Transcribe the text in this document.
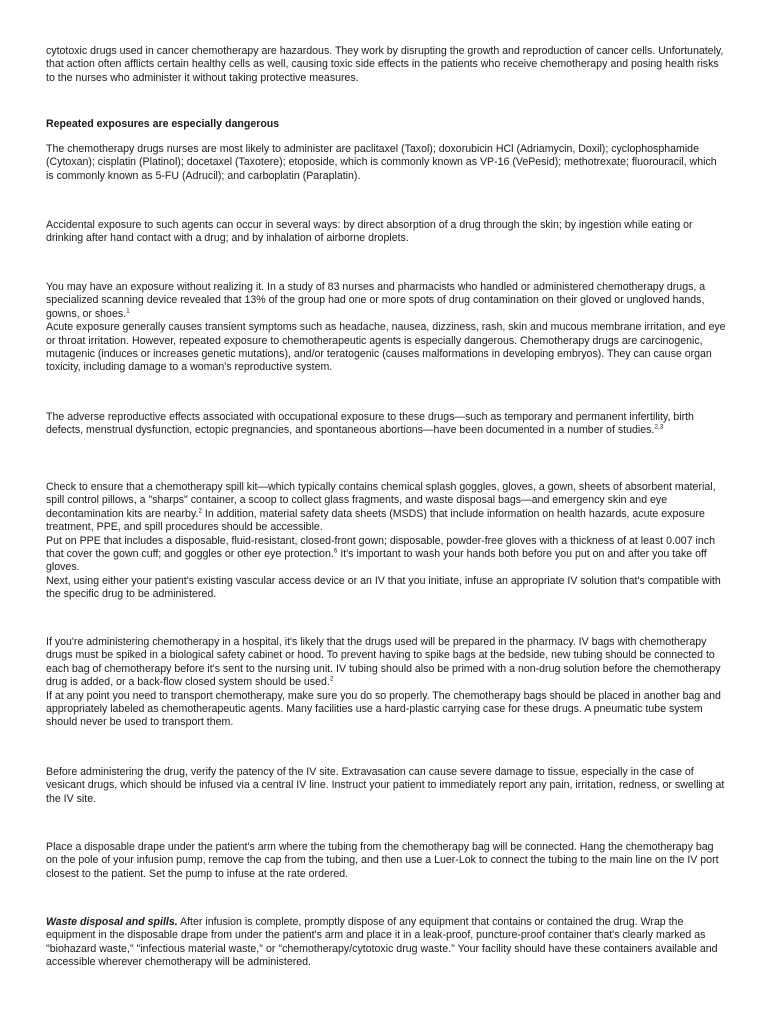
cytotoxic drugs used in cancer chemotherapy are hazardous. They work by disrupting the growth and reproduction of cancer cells. Unfortunately, that action often afflicts certain healthy cells as well, causing toxic side effects in the patients who receive chemotherapy and posing health risks to the nurses who administer it without taking protective measures.

Repeated exposures are especially dangerous

The chemotherapy drugs nurses are most likely to administer are paclitaxel (Taxol); doxorubicin HCl (Adriamycin, Doxil); cyclophosphamide (Cytoxan); cisplatin (Platinol); docetaxel (Taxotere); etoposide, which is commonly known as VP-16 (VePesid); methotrexate; fluorouracil, which is commonly known as 5-FU (Adrucil); and carboplatin (Paraplatin).

Accidental exposure to such agents can occur in several ways: by direct absorption of a drug through the skin; by ingestion while eating or drinking after hand contact with a drug; and by inhalation of airborne droplets.

You may have an exposure without realizing it. In a study of 83 nurses and pharmacists who handled or administered chemotherapy drugs, a specialized scanning device revealed that 13% of the group had one or more spots of drug contamination on their gloved or ungloved hands, gowns, or shoes.$^1$
Acute exposure generally causes transient symptoms such as headache, nausea, dizziness, rash, skin and mucous membrane irritation, and eye or throat irritation. However, repeated exposure to chemotherapeutic agents is especially dangerous. Chemotherapy drugs are carcinogenic, mutagenic (induces or increases genetic mutations), and/or teratogenic (causes malformations in developing embryos). They can cause organ toxicity, including damage to a woman's reproductive system.

The adverse reproductive effects associated with occupational exposure to these drugs—such as temporary and permanent infertility, birth defects, menstrual dysfunction, ectopic pregnancies, and spontaneous abortions—have been documented in a number of studies.$^{2,3}$

Check to ensure that a chemotherapy spill kit—which typically contains chemical splash goggles, gloves, a gown, sheets of absorbent material, spill control pillows, a "sharps" container, a scoop to collect glass fragments, and waste disposal bags—and emergency skin and eye decontamination kits are nearby.$^2$ In addition, material safety data sheets (MSDS) that include information on health hazards, acute exposure treatment, PPE, and spill procedures should be accessible.
Put on PPE that includes a disposable, fluid-resistant, closed-front gown; disposable, powder-free gloves with a thickness of at least 0.007 inch that cover the gown cuff; and goggles or other eye protection.$^6$ It's important to wash your hands both before you put on and after you take off gloves.
Next, using either your patient's existing vascular access device or an IV that you initiate, infuse an appropriate IV solution that's compatible with the specific drug to be administered.

If you're administering chemotherapy in a hospital, it's likely that the drugs used will be prepared in the pharmacy. IV bags with chemotherapy drugs must be spiked in a biological safety cabinet or hood. To prevent having to spike bags at the bedside, new tubing should be connected to each bag of chemotherapy before it's sent to the nursing unit. IV tubing should also be primed with a non-drug solution before the chemotherapy drug is added, or a back-flow closed system should be used.$^2$
If at any point you need to transport chemotherapy, make sure you do so properly. The chemotherapy bags should be placed in another bag and appropriately labeled as chemotherapeutic agents. Many facilities use a hard-plastic carrying case for these drugs. A pneumatic tube system should never be used to transport them.

Before administering the drug, verify the patency of the IV site. Extravasation can cause severe damage to tissue, especially in the case of vesicant drugs, which should be infused via a central IV line. Instruct your patient to immediately report any pain, irritation, redness, or swelling at the IV site.

Place a disposable drape under the patient's arm where the tubing from the chemotherapy bag will be connected. Hang the chemotherapy bag on the pole of your infusion pump, remove the cap from the tubing, and then use a Luer-Lok to connect the tubing to the main line on the IV port closest to the patient. Set the pump to infuse at the rate ordered.

Waste disposal and spills. After infusion is complete, promptly dispose of any equipment that contains or contained the drug. Wrap the equipment in the disposable drape from under the patient's arm and place it in a leak-proof, puncture-proof container that's clearly marked as "biohazard waste," "infectious material waste," or "chemotherapy/cytotoxic drug waste." Your facility should have these containers available and accessible wherever chemotherapy will be administered.
